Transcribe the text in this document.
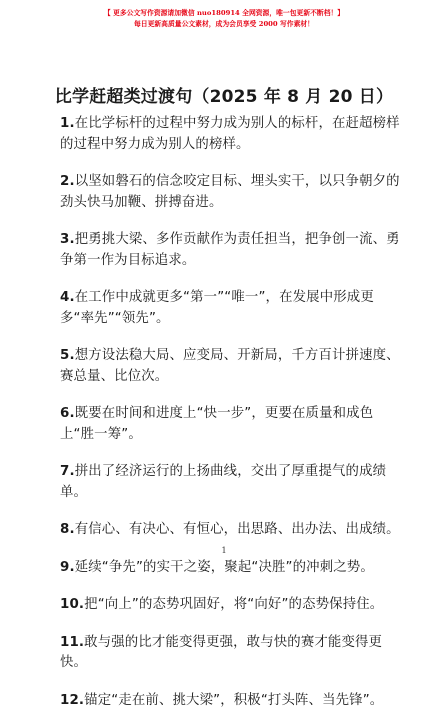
【 更多公文写作资源请加微信 nuo180914 全网资源，唯一包更新不断档！】
每日更新高质量公文素材，成为会员享受 2000 写作素材！
比学赶超类过渡句（2025 年 8 月 20 日）
1.在比学标杆的过程中努力成为别人的标杆，在赶超榜样的过程中努力成为别人的榜样。
2.以坚如磐石的信念咬定目标、埋头实干，以只争朝夕的劲头快马加鞭、拼搏奋进。
3.把勇挑大梁、多作贡献作为责任担当，把争创一流、勇争第一作为目标追求。
4.在工作中成就更多“第一”“唯一”，在发展中形成更多“率先”“领先”。
5.想方设法稳大局、应变局、开新局，千方百计拼速度、赛总量、比位次。
6.既要在时间和进度上“快一步”，更要在质量和成色上“胜一筹”。
7.拼出了经济运行的上扬曲线，交出了厚重提气的成绩单。
8.有信心、有决心、有恒心，出思路、出办法、出成绩。
9.延续“争先”的实干之姿，聚起“决胜”的冲刺之势。
10.把“向上”的态势巩固好，将“向好”的态势保持住。
11.敢与强的比才能变得更强，敢与快的赛才能变得更快。
12.锚定“走在前、挑大梁”，积极“打头阵、当先锋”。
1
